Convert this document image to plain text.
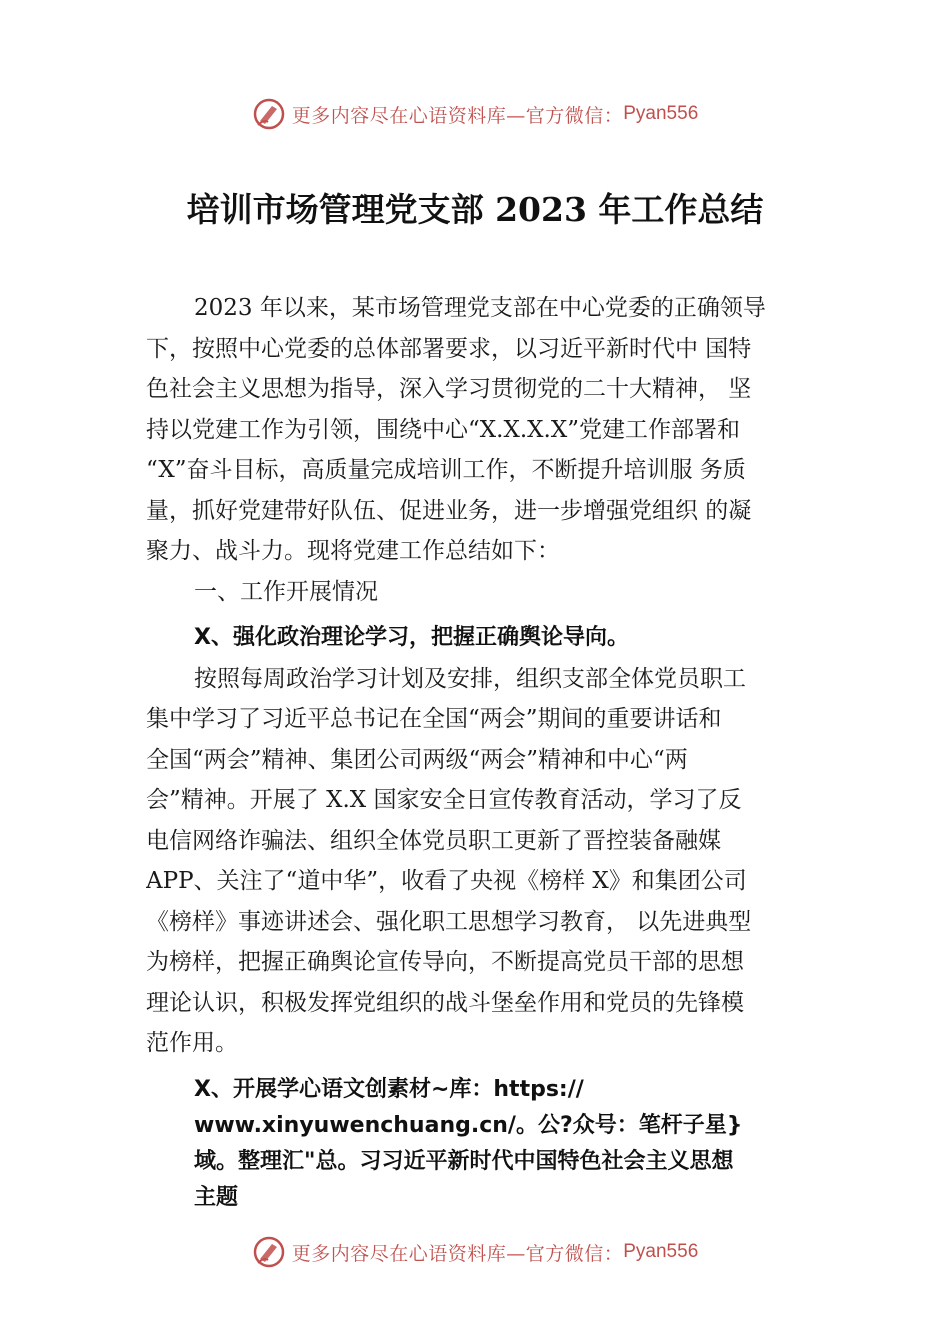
更多内容尽在心语资料库—官方微信： Pyan556
培训市场管理党支部 2023 年工作总结
2023 年以来，某市场管理党支部在中心党委的正确领导
下，按照中心党委的总体部署要求，以习近平新时代中 国特
色社会主义思想为指导，深入学习贯彻党的二十大精神， 坚
持以党建工作为引领，围绕中心“X.X.X.X”党建工作部署和
“X”奋斗目标，高质量完成培训工作，不断提升培训服 务质
量，抓好党建带好队伍、促进业务，进一步增强党组织 的凝
聚力、战斗力。现将党建工作总结如下：
一、工作开展情况
X、强化政治理论学习，把握正确舆论导向。
按照每周政治学习计划及安排，组织支部全体党员职工
集中学习了习近平总书记在全国“两会”期间的重要讲话和
全国“两会”精神、集团公司两级“两会”精神和中心“两
会”精神。开展了 X.X 国家安全日宣传教育活动，学习了反
电信网络诈骗法、组织全体党员职工更新了晋控装备融媒
APP、关注了“道中华”，收看了央视《榜样 X》和集团公司
《榜样》事迹讲述会、强化职工思想学习教育， 以先进典型
为榜样，把握正确舆论宣传导向，不断提高党员干部的思想
理论认识，积极发挥党组织的战斗堡垒作用和党员的先锋模
范作用。
X、开展学心语文创素材~库：https://
www.xinyuwenchuang.cn/。公?众号：笔杆子星}
域。整理汇"总。习习近平新时代中国特色社会主义思想
主题
更多内容尽在心语资料库—官方微信： Pyan556
